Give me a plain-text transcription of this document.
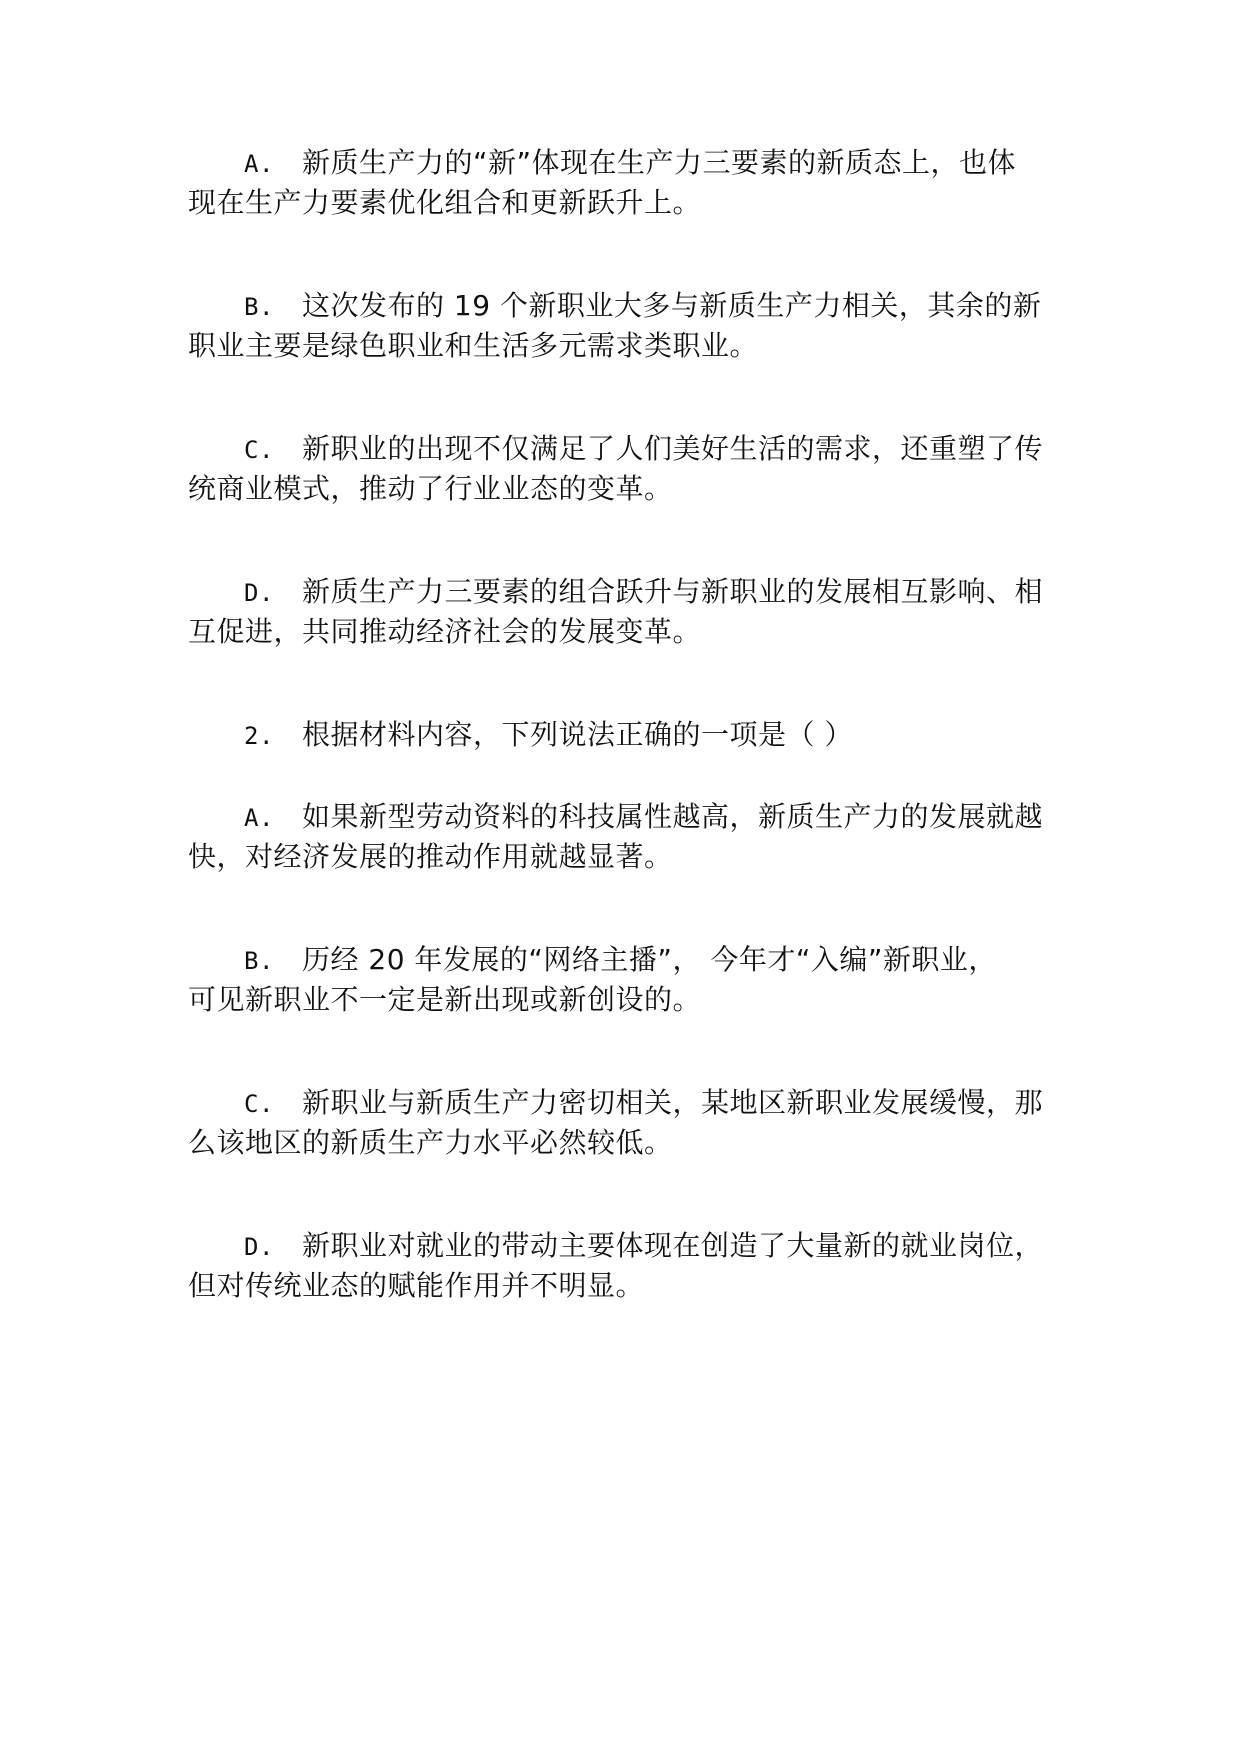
A. 新质生产力的“新”体现在生产力三要素的新质态上，也体
现在生产力要素优化组合和更新跃升上。
B. 这次发布的 19 个新职业大多与新质生产力相关，其余的新
职业主要是绿色职业和生活多元需求类职业。
C. 新职业的出现不仅满足了人们美好生活的需求，还重塑了传
统商业模式，推动了行业业态的变革。
D. 新质生产力三要素的组合跃升与新职业的发展相互影响、相
互促进，共同推动经济社会的发展变革。
2. 根据材料内容，下列说法正确的一项是（ ）
A. 如果新型劳动资料的科技属性越高，新质生产力的发展就越
快，对经济发展的推动作用就越显著。
B. 历经 20 年发展的“网络主播”， 今年才“入编”新职业，
可见新职业不一定是新出现或新创设的。
C. 新职业与新质生产力密切相关，某地区新职业发展缓慢，那
么该地区的新质生产力水平必然较低。
D. 新职业对就业的带动主要体现在创造了大量新的就业岗位，
但对传统业态的赋能作用并不明显。
